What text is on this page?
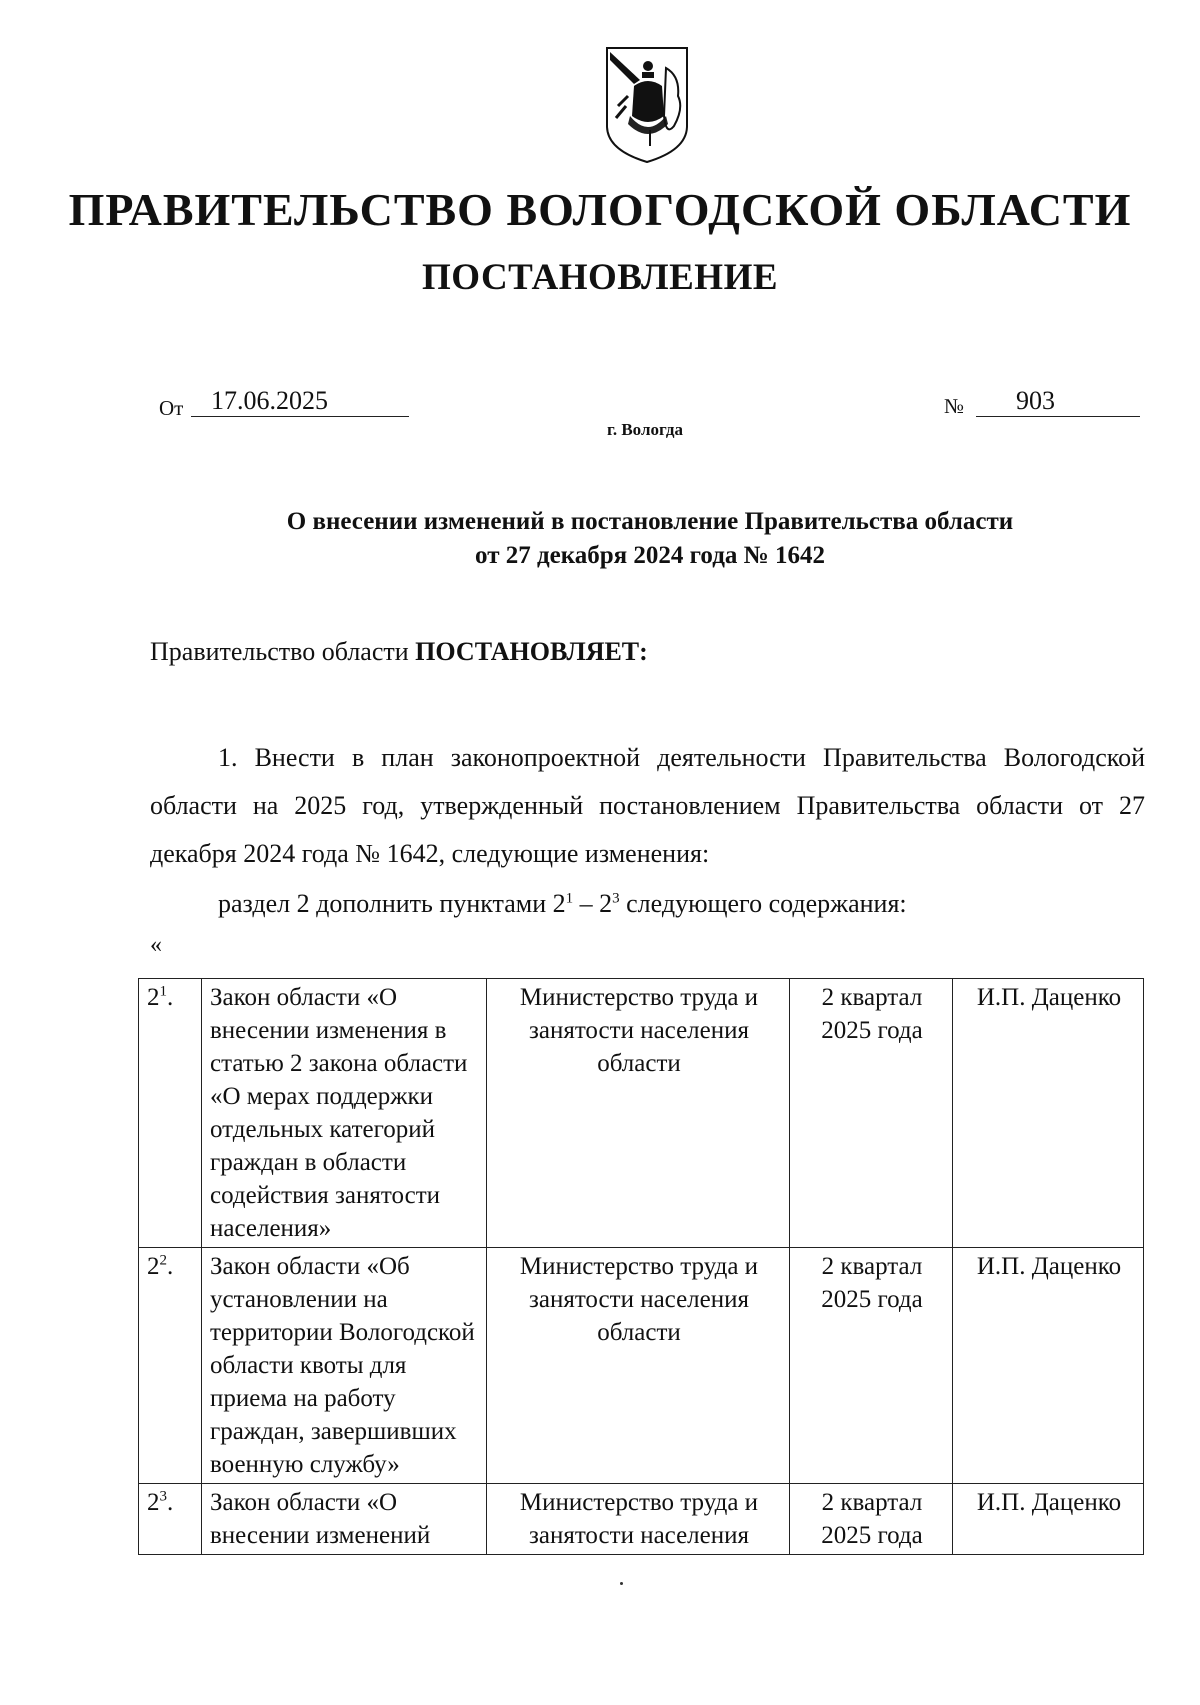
ПРАВИТЕЛЬСТВО ВОЛОГОДСКОЙ ОБЛАСТИ
ПОСТАНОВЛЕНИЕ
От	17.06.2025	№	903
г. Вологда
О внесении изменений в постановление Правительства области
от 27 декабря 2024 года № 1642
Правительство области ПОСТАНОВЛЯЕТ:
1. Внести в план законопроектной деятельности Правительства Вологодской области на 2025 год, утвержденный постановлением Правительства области от 27 декабря 2024 года № 1642, следующие изменения:
раздел 2 дополнить пунктами $2^1 - 2^3$ следующего содержания:
«
$2^1$.	Закон области «О внесении изменения в статью 2 закона области «О мерах поддержки отдельных категорий граждан в области содействия занятости населения»	Министерство труда и занятости населения области	2 квартал 2025 года	И.П. Даценко
$2^2$.	Закон области «Об установлении на территории Вологодской области квоты для приема на работу граждан, завершивших военную службу»	Министерство труда и занятости населения области	2 квартал 2025 года	И.П. Даценко

$2^3$.	Закон области «О внесении изменений	Министерство труда и занятости населения	2 квартал 2025 года	И.П. Даценко
